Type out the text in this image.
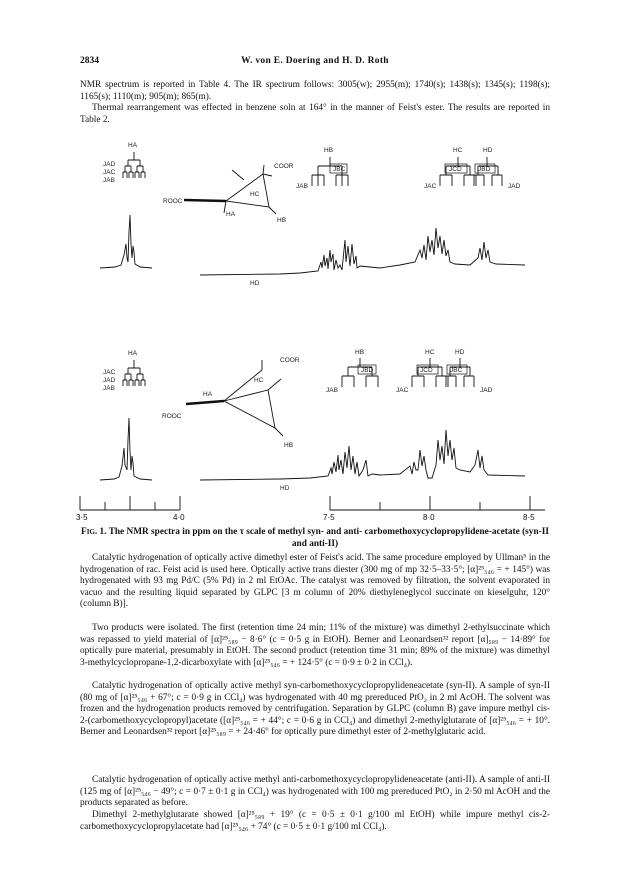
2834	W. von E. Doering and H. D. Roth

NMR spectrum is reported in Table 4. The IR spectrum follows: 3005(w); 2955(m); 1740(s); 1438(s); 1345(s); 1198(s); 1165(s); 1110(m); 905(m); 865(m).

Thermal rearrangement was effected in benzene soln at 164° in the manner of Feist's ester. The results are reported in Table 2.

HA
JAD
JAC
JAB
COOR
ROOC
HA
HC
HB
HD
HB	HC	HD
JBC	JCD	JBD
JAB	JAC	JAD
HA
JAC
JAD
JAB
COOR
ROOC
HA
HC
HB
HD
HB	HC	HD
JBD	JCD	JBC
JAB	JAC	JAD
3·5	4·0	7·5	8·0	8·5

Fig. 1. The NMR spectra in ppm on the τ scale of methyl syn- and anti- carbomethoxycyclopropylidene-acetate (syn-II and anti-II)

Catalytic hydrogenation of optically active dimethyl ester of Feist's acid. The same procedure employed by Ullman⁵ in the hydrogenation of rac. Feist acid is used here. Optically active trans diester (300 mg of mp 32·5–33·5°; [α]²⁵₅₄₆ = + 145°) was hydrogenated with 93 mg Pd/C (5% Pd) in 2 ml EtOAc. The catalyst was removed by filtration, the solvent evaporated in vacuo and the resulting liquid separated by GLPC [3 m column of 20% diethyleneglycol succinate on kieselguhr, 120° (column B)].

Two products were isolated. The first (retention time 24 min; 11% of the mixture) was dimethyl 2-ethylsuccinate which was repassed to yield material of [α]²⁵₅₈₉ − 8·6° (c = 0·5 g in EtOH). Berner and Leonardsen³² report [α]₅₈₉ − 14·89° for optically pure material, presumably in EtOH. The second product (retention time 31 min; 89% of the mixture) was dimethyl 3-methylcyclopropane-1,2-dicarboxylate with [α]²⁵₅₄₆ = + 124·5° (c = 0·9 ± 0·2 in CCl₄).

Catalytic hydrogenation of optically active methyl syn-carbomethoxycyclopropylideneacetate (syn-II). A sample of syn-II (80 mg of [α]²⁵₅₄₆ + 67°; c = 0·9 g in CCl₄) was hydrogenated with 40 mg prereduced PtO₂ in 2 ml AcOH. The solvent was frozen and the hydrogenation products removed by centrifugation. Separation by GLPC (column B) gave impure methyl cis-2-(carbomethoxycyclopropyl)acetate ([α]²⁵₅₄₆ = + 44°; c = 0·6 g in CCl₄) and dimethyl 2-methylglutarate of [α]²⁵₅₄₆ = + 10°. Berner and Leonardsen³² report [α]²⁵₅₈₉ = + 24·46° for optically pure dimethyl ester of 2-methylglutaric acid.

Catalytic hydrogenation of optically active methyl anti-carbomethoxycyclopropylideneacetate (anti-II). A sample of anti-II (125 mg of [α]²⁵₅₄₆ − 49°; c = 0·7 ± 0·1 g in CCl₄) was hydrogenated with 100 mg prereduced PtO₂ in 2·50 ml AcOH and the products separated as before.

Dimethyl 2-methylglutarate showed [α]²⁵₅₈₉ + 19° (c = 0·5 ± 0·1 g/100 ml EtOH) while impure methyl cis-2-carbomethoxycyclopropylacetate had [α]²⁵₅₄₆ + 74° (c = 0·5 ± 0·1 g/100 ml CCl₄).
